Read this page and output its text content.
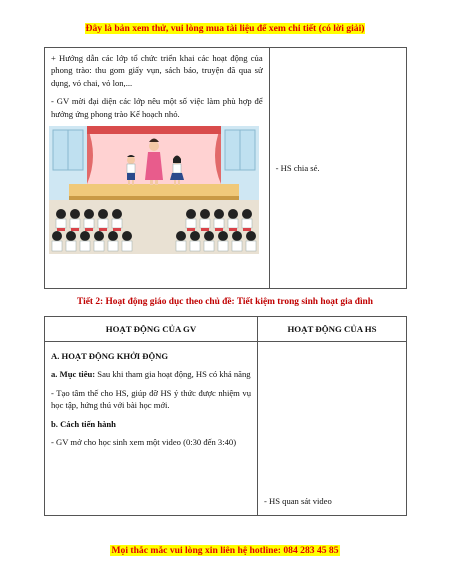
Đây là bản xem thử, vui lòng mua tài liệu để xem chi tiết (có lời giải)

+ Hướng dẫn các lớp tổ chức triển khai các hoạt động của phong trào: thu gom giấy vụn, sách báo, truyện đã qua sử dụng, vỏ chai, vỏ lon,...

- GV mời đại diện các lớp nêu một số việc làm phù hợp để hưởng ứng phong trào Kế hoạch nhỏ.

	- HS chia sẻ.
Tiết 2: Hoạt động giáo dục theo chủ đề: Tiết kiệm trong sinh hoạt gia đình
HOẠT ĐỘNG CỦA GV	HOẠT ĐỘNG CỦA HS

A. HOẠT ĐỘNG KHỞI ĐỘNG

a. Mục tiêu: Sau khi tham gia hoạt động, HS có khả năng

- Tạo tâm thế cho HS, giúp đỡ HS ý thức được nhiệm vụ học tập, hứng thú với bài học mới.

b. Cách tiến hành

- GV mở cho học sinh xem một video (0:30 đến 3:40)	- HS quan sát video
Mọi thắc mắc vui lòng xin liên hệ hotline: 084 283 45 85
